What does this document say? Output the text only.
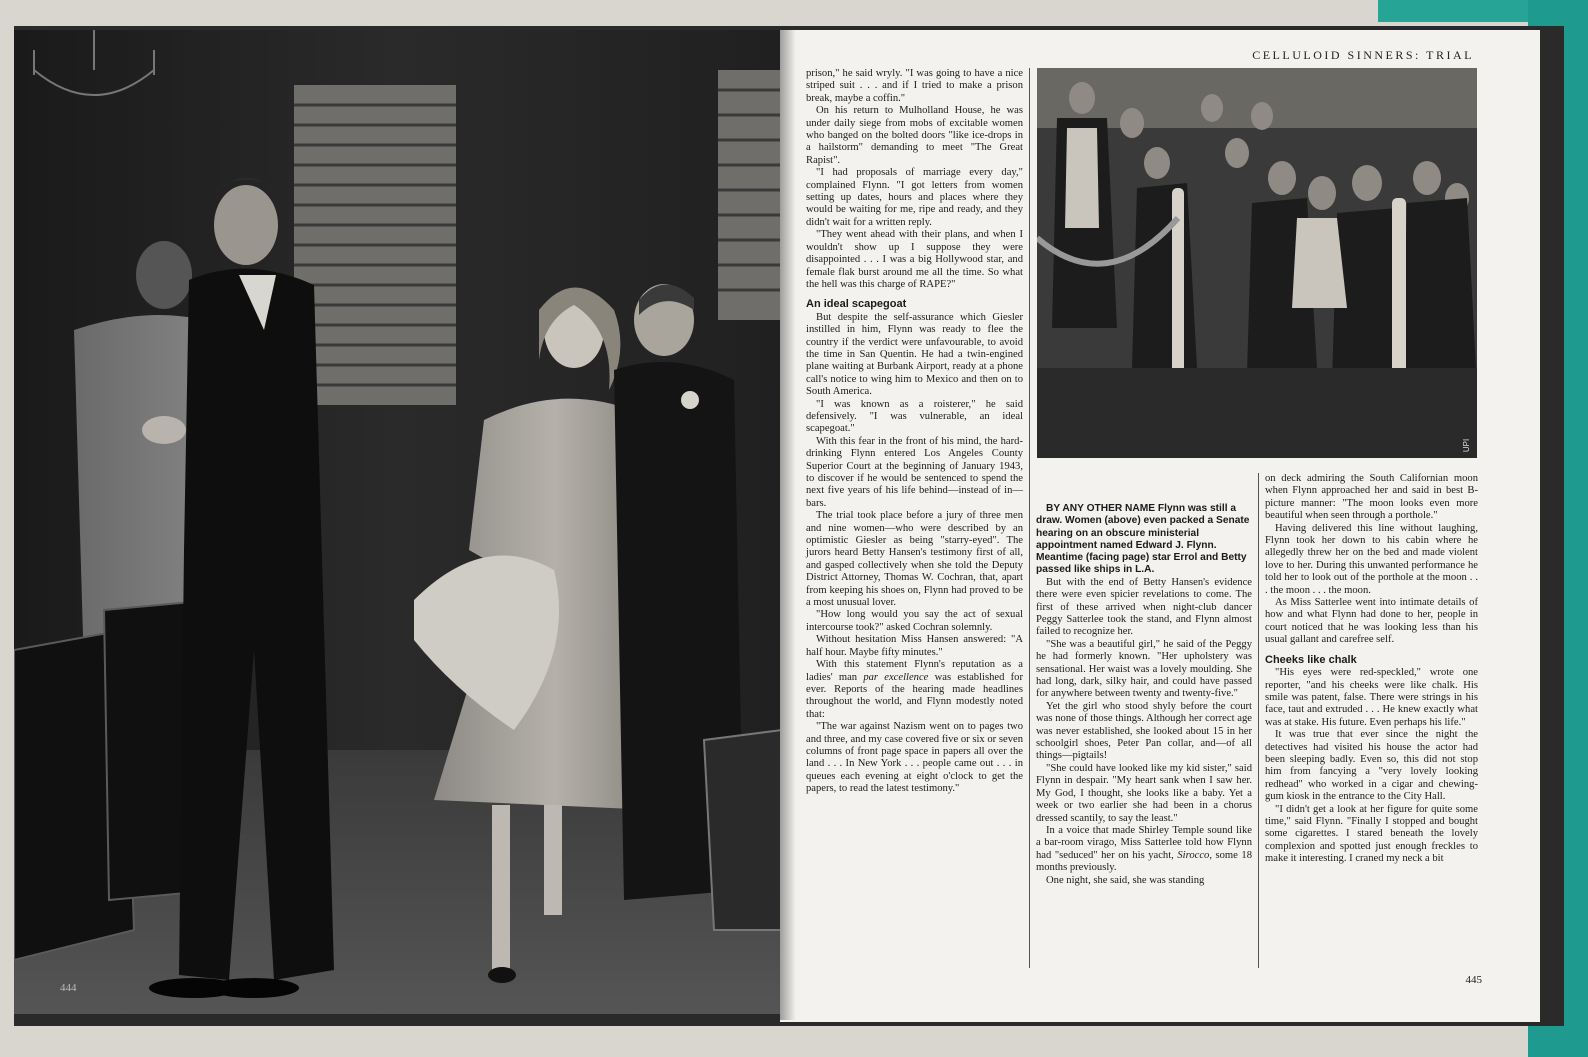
444
CELLULOID SINNERS: TRIAL

prison," he said wryly. "I was going to have a nice striped suit . . . and if I tried to make a prison break, maybe a coffin."

On his return to Mulholland House, he was under daily siege from mobs of excitable women who banged on the bolted doors "like ice-drops in a hailstorm" demanding to meet "The Great Rapist".

"I had proposals of marriage every day," complained Flynn. "I got letters from women setting up dates, hours and places where they would be waiting for me, ripe and ready, and they didn't wait for a written reply.

"They went ahead with their plans, and when I wouldn't show up I suppose they were disappointed . . . I was a big Hollywood star, and female flak burst around me all the time. So what the hell was this charge of RAPE?"

An ideal scapegoat

But despite the self-assurance which Giesler instilled in him, Flynn was ready to flee the country if the verdict were unfavourable, to avoid the time in San Quentin. He had a twin-engined plane waiting at Burbank Airport, ready at a phone call's notice to wing him to Mexico and then on to South America.

"I was known as a roisterer," he said defensively. "I was vulnerable, an ideal scapegoat."

With this fear in the front of his mind, the hard-drinking Flynn entered Los Angeles County Superior Court at the beginning of January 1943, to discover if he would be sentenced to spend the next five years of his life behind—instead of in—bars.

The trial took place before a jury of three men and nine women—who were described by an optimistic Giesler as being "starry-eyed". The jurors heard Betty Hansen's testimony first of all, and gasped collectively when she told the Deputy District Attorney, Thomas W. Cochran, that, apart from keeping his shoes on, Flynn had proved to be a most unusual lover.

"How long would you say the act of sexual intercourse took?" asked Cochran solemnly.

Without hesitation Miss Hansen answered: "A half hour. Maybe fifty minutes."

With this statement Flynn's reputation as a ladies' man par excellence was established for ever. Reports of the hearing made headlines throughout the world, and Flynn modestly noted that:

"The war against Nazism went on to pages two and three, and my case covered five or six or seven columns of front page space in papers all over the land . . . In New York . . . people came out . . . in queues each evening at eight o'clock to get the papers, to read the latest testimony."

UPI

BY ANY OTHER NAME Flynn was still a draw. Women (above) even packed a Senate hearing on an obscure ministerial appointment named Edward J. Flynn. Meantime (facing page) star Errol and Betty passed like ships in L.A.

But with the end of Betty Hansen's evidence there were even spicier revelations to come. The first of these arrived when night-club dancer Peggy Satterlee took the stand, and Flynn almost failed to recognize her.

"She was a beautiful girl," he said of the Peggy he had formerly known. "Her upholstery was sensational. Her waist was a lovely moulding. She had long, dark, silky hair, and could have passed for anywhere between twenty and twenty-five."

Yet the girl who stood shyly before the court was none of those things. Although her correct age was never established, she looked about 15 in her schoolgirl shoes, Peter Pan collar, and—of all things—pigtails!

"She could have looked like my kid sister," said Flynn in despair. "My heart sank when I saw her. My God, I thought, she looks like a baby. Yet a week or two earlier she had been in a chorus dressed scantily, to say the least."

In a voice that made Shirley Temple sound like a bar-room virago, Miss Satterlee told how Flynn had "seduced" her on his yacht, Sirocco, some 18 months previously.

One night, she said, she was standing

on deck admiring the South Californian moon when Flynn approached her and said in best B-picture manner: "The moon looks even more beautiful when seen through a porthole."

Having delivered this line without laughing, Flynn took her down to his cabin where he allegedly threw her on the bed and made violent love to her. During this unwanted performance he told her to look out of the porthole at the moon . . . the moon . . . the moon.

As Miss Satterlee went into intimate details of how and what Flynn had done to her, people in court noticed that he was looking less than his usual gallant and carefree self.

Cheeks like chalk

"His eyes were red-speckled," wrote one reporter, "and his cheeks were like chalk. His smile was patent, false. There were strings in his face, taut and extruded . . . He knew exactly what was at stake. His future. Even perhaps his life."

It was true that ever since the night the detectives had visited his house the actor had been sleeping badly. Even so, this did not stop him from fancying a "very lovely looking redhead" who worked in a cigar and chewing-gum kiosk in the entrance to the City Hall.

"I didn't get a look at her figure for quite some time," said Flynn. "Finally I stopped and bought some cigarettes. I stared beneath the lovely complexion and spotted just enough freckles to make it interesting. I craned my neck a bit

445
